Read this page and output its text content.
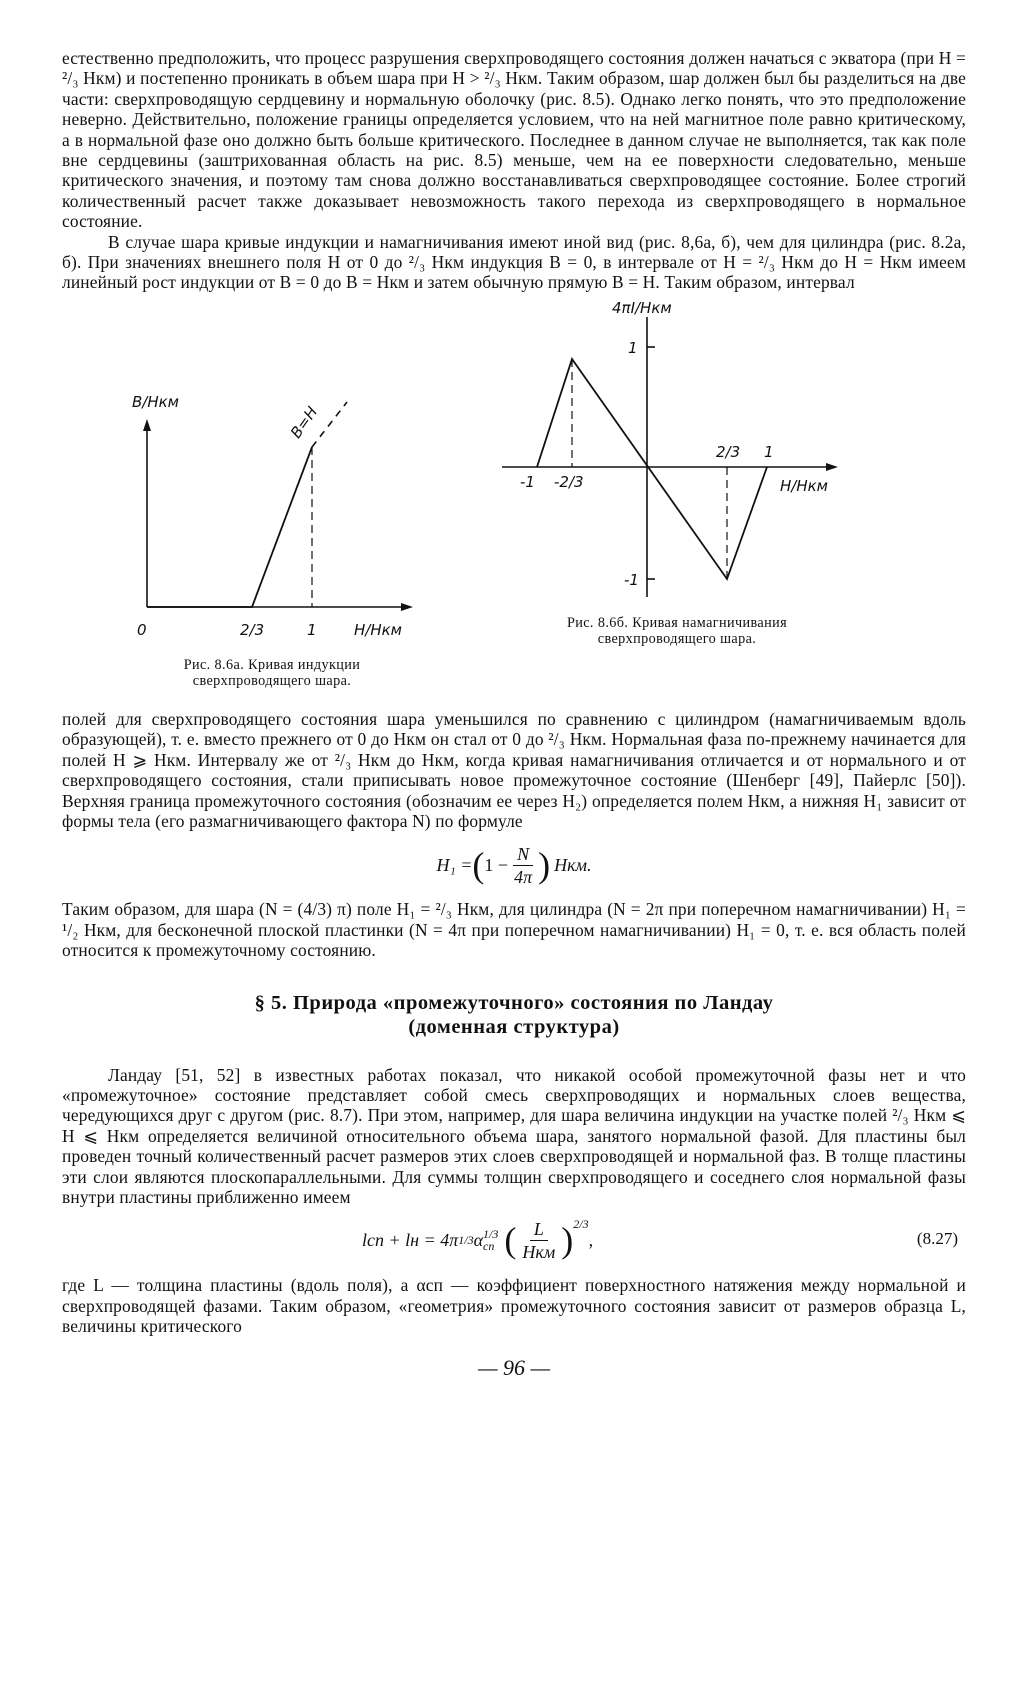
естественно предположить, что процесс разрушения сверхпроводящего состояния должен начаться с экватора (при H = ²/₃ Hкм) и постепенно проникать в объем шара при H > ²/₃ Hкм. Таким образом, шар должен был бы разделиться на две части: сверхпроводящую сердцевину и нормальную оболочку (рис. 8.5). Однако легко понять, что это предположение неверно. Действительно, положение границы определяется условием, что на ней магнитное поле равно критическому, а в нормальной фазе оно должно быть больше критического. Последнее в данном случае не выполняется, так как поле вне сердцевины (заштрихованная область на рис. 8.5) меньше, чем на ее поверхности следовательно, меньше критического значения, и поэтому там снова должно восстанавливаться сверхпроводящее состояние. Более строгий количественный расчет также доказывает невозможность такого перехода из сверхпроводящего в нормальное состояние.

В случае шара кривые индукции и намагничивания имеют иной вид (рис. 8,6а, б), чем для цилиндра (рис. 8.2а, б). При значениях внешнего поля H от 0 до ²/₃ Hкм индукция B = 0, в интервале от H = ²/₃ Hкм до H = Hкм имеем линейный рост индукции от B = 0 до B = Hкм и затем обычную прямую B = H. Таким образом, интервал

B/Hкм
B=H
0	2/3	1 H/Hкм

Рис. 8.6а. Кривая индукции

сверхпроводящего шара.

4πI/Hкм
1
-1
-1 -2/3
2/3 1
H/Hкм

Рис. 8.6б. Кривая намагничивания

сверхпроводящего шара.

полей для сверхпроводящего состояния шара уменьшился по сравнению с цилиндром (намагничиваемым вдоль образующей), т. е. вместо прежнего от 0 до Hкм он стал от 0 до ²/₃ Hкм. Нормальная фаза по-прежнему начинается для полей H ⩾ Hкм. Интервалу же от ²/₃ Hкм до Hкм, когда кривая намагничивания отличается и от нормального и от сверхпроводящего состояния, стали приписывать новое промежуточное состояние (Шенберг [49], Пайерлс [50]). Верхняя граница промежуточного состояния (обозначим ее через H₂) определяется полем Hкм, а нижняя H₁ зависит от формы тела (его размагничивающего фактора N) по формуле

H₁ = ( $1 - \frac{N}{4\pi}$ ) Hкм.

Таким образом, для шара (N = (4/3) π) поле H₁ = ²/₃ Hкм, для цилиндра (N = 2π при поперечном намагничивании) H₁ = ¹/₂ Hкм, для бесконечной плоской пластинки (N = 4π при поперечном намагничивании) H₁ = 0, т. е. вся область полей относится к промежуточному состоянию.

§ 5. Природа «промежуточного» состояния по Ландау
(доменная структура)

Ландау [51, 52] в известных работах показал, что никакой особой промежуточной фазы нет и что «промежуточное» состояние представляет собой смесь сверхпроводящих и нормальных слоев вещества, чередующихся друг с другом (рис. 8.7). При этом, например, для шара величина индукции на участке полей ²/₃ Hкм ⩽ H ⩽ Hкм определяется величиной относительного объема шара, занятого нормальной фазой. Для пластины был проведен точный количественный расчет размеров этих слоев сверхпроводящей и нормальной фаз. В толще пластины эти слои являются плоскопараллельными. Для суммы толщин сверхпроводящего и соседнего слоя нормальной фазы внутри пластины приближенно имеем

lсп + lн = 4π 1/3 α 1/3
сп ( $\frac{L}{\text{Hкм}} )^{2/3}$
,	(8.27)

где L — толщина пластины (вдоль поля), а αсп — коэффициент поверхностного натяжения между нормальной и сверхпроводящей фазами. Таким образом, «геометрия» промежуточного состояния зависит от размеров образца L, величины критического

— 96 —
